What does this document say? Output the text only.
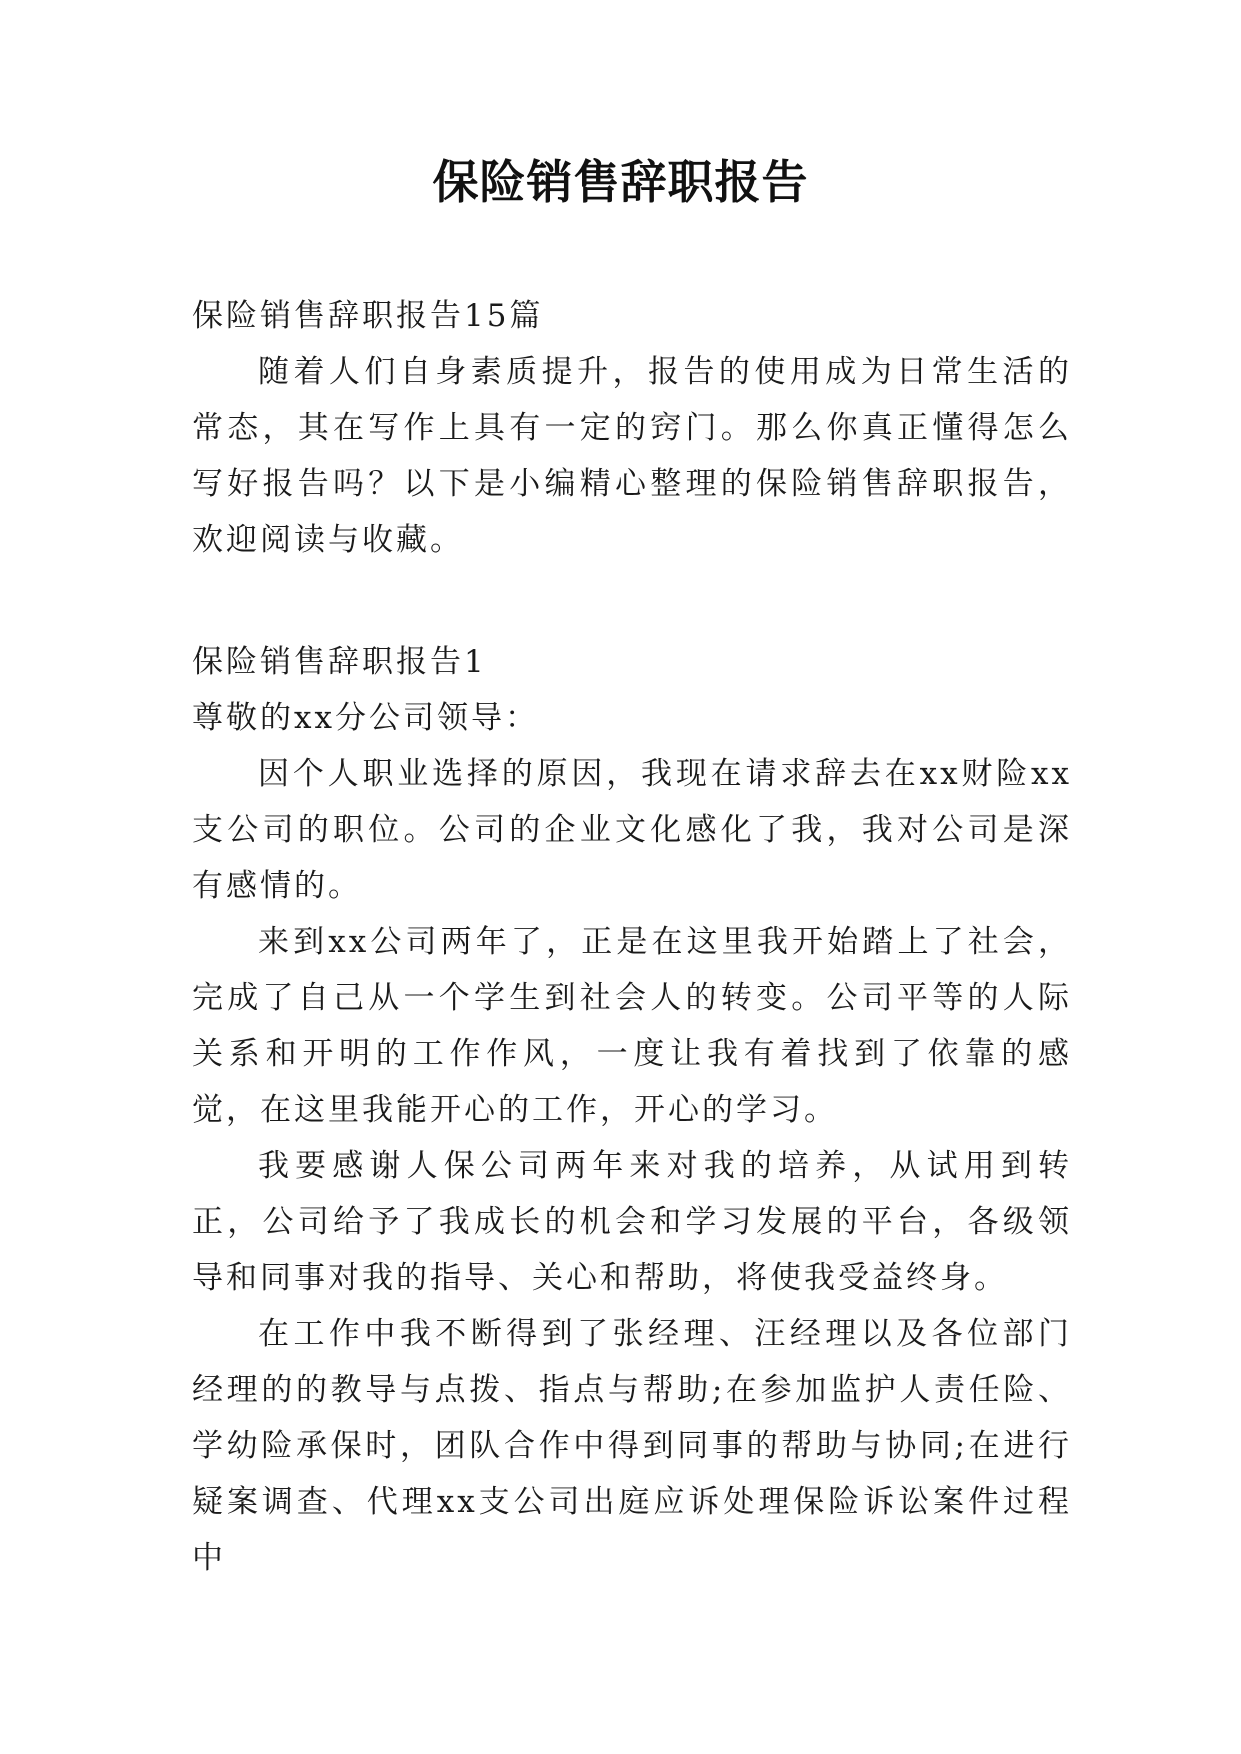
保险销售辞职报告

保险销售辞职报告15篇

随着人们自身素质提升，报告的使用成为日常生活的常态，其在写作上具有一定的窍门。那么你真正懂得怎么写好报告吗？以下是小编精心整理的保险销售辞职报告，欢迎阅读与收藏。

保险销售辞职报告1

尊敬的xx分公司领导：

因个人职业选择的原因，我现在请求辞去在xx财险xx支公司的职位。公司的企业文化感化了我，我对公司是深有感情的。

来到xx公司两年了，正是在这里我开始踏上了社会，完成了自己从一个学生到社会人的转变。公司平等的人际关系和开明的工作作风，一度让我有着找到了依靠的感觉，在这里我能开心的工作，开心的学习。

我要感谢人保公司两年来对我的培养，从试用到转正，公司给予了我成长的机会和学习发展的平台，各级领导和同事对我的指导、关心和帮助，将使我受益终身。

在工作中我不断得到了张经理、汪经理以及各位部门经理的的教导与点拨、指点与帮助;在参加监护人责任险、学幼险承保时，团队合作中得到同事的帮助与协同;在进行疑案调查、代理xx支公司出庭应诉处理保险诉讼案件过程中
